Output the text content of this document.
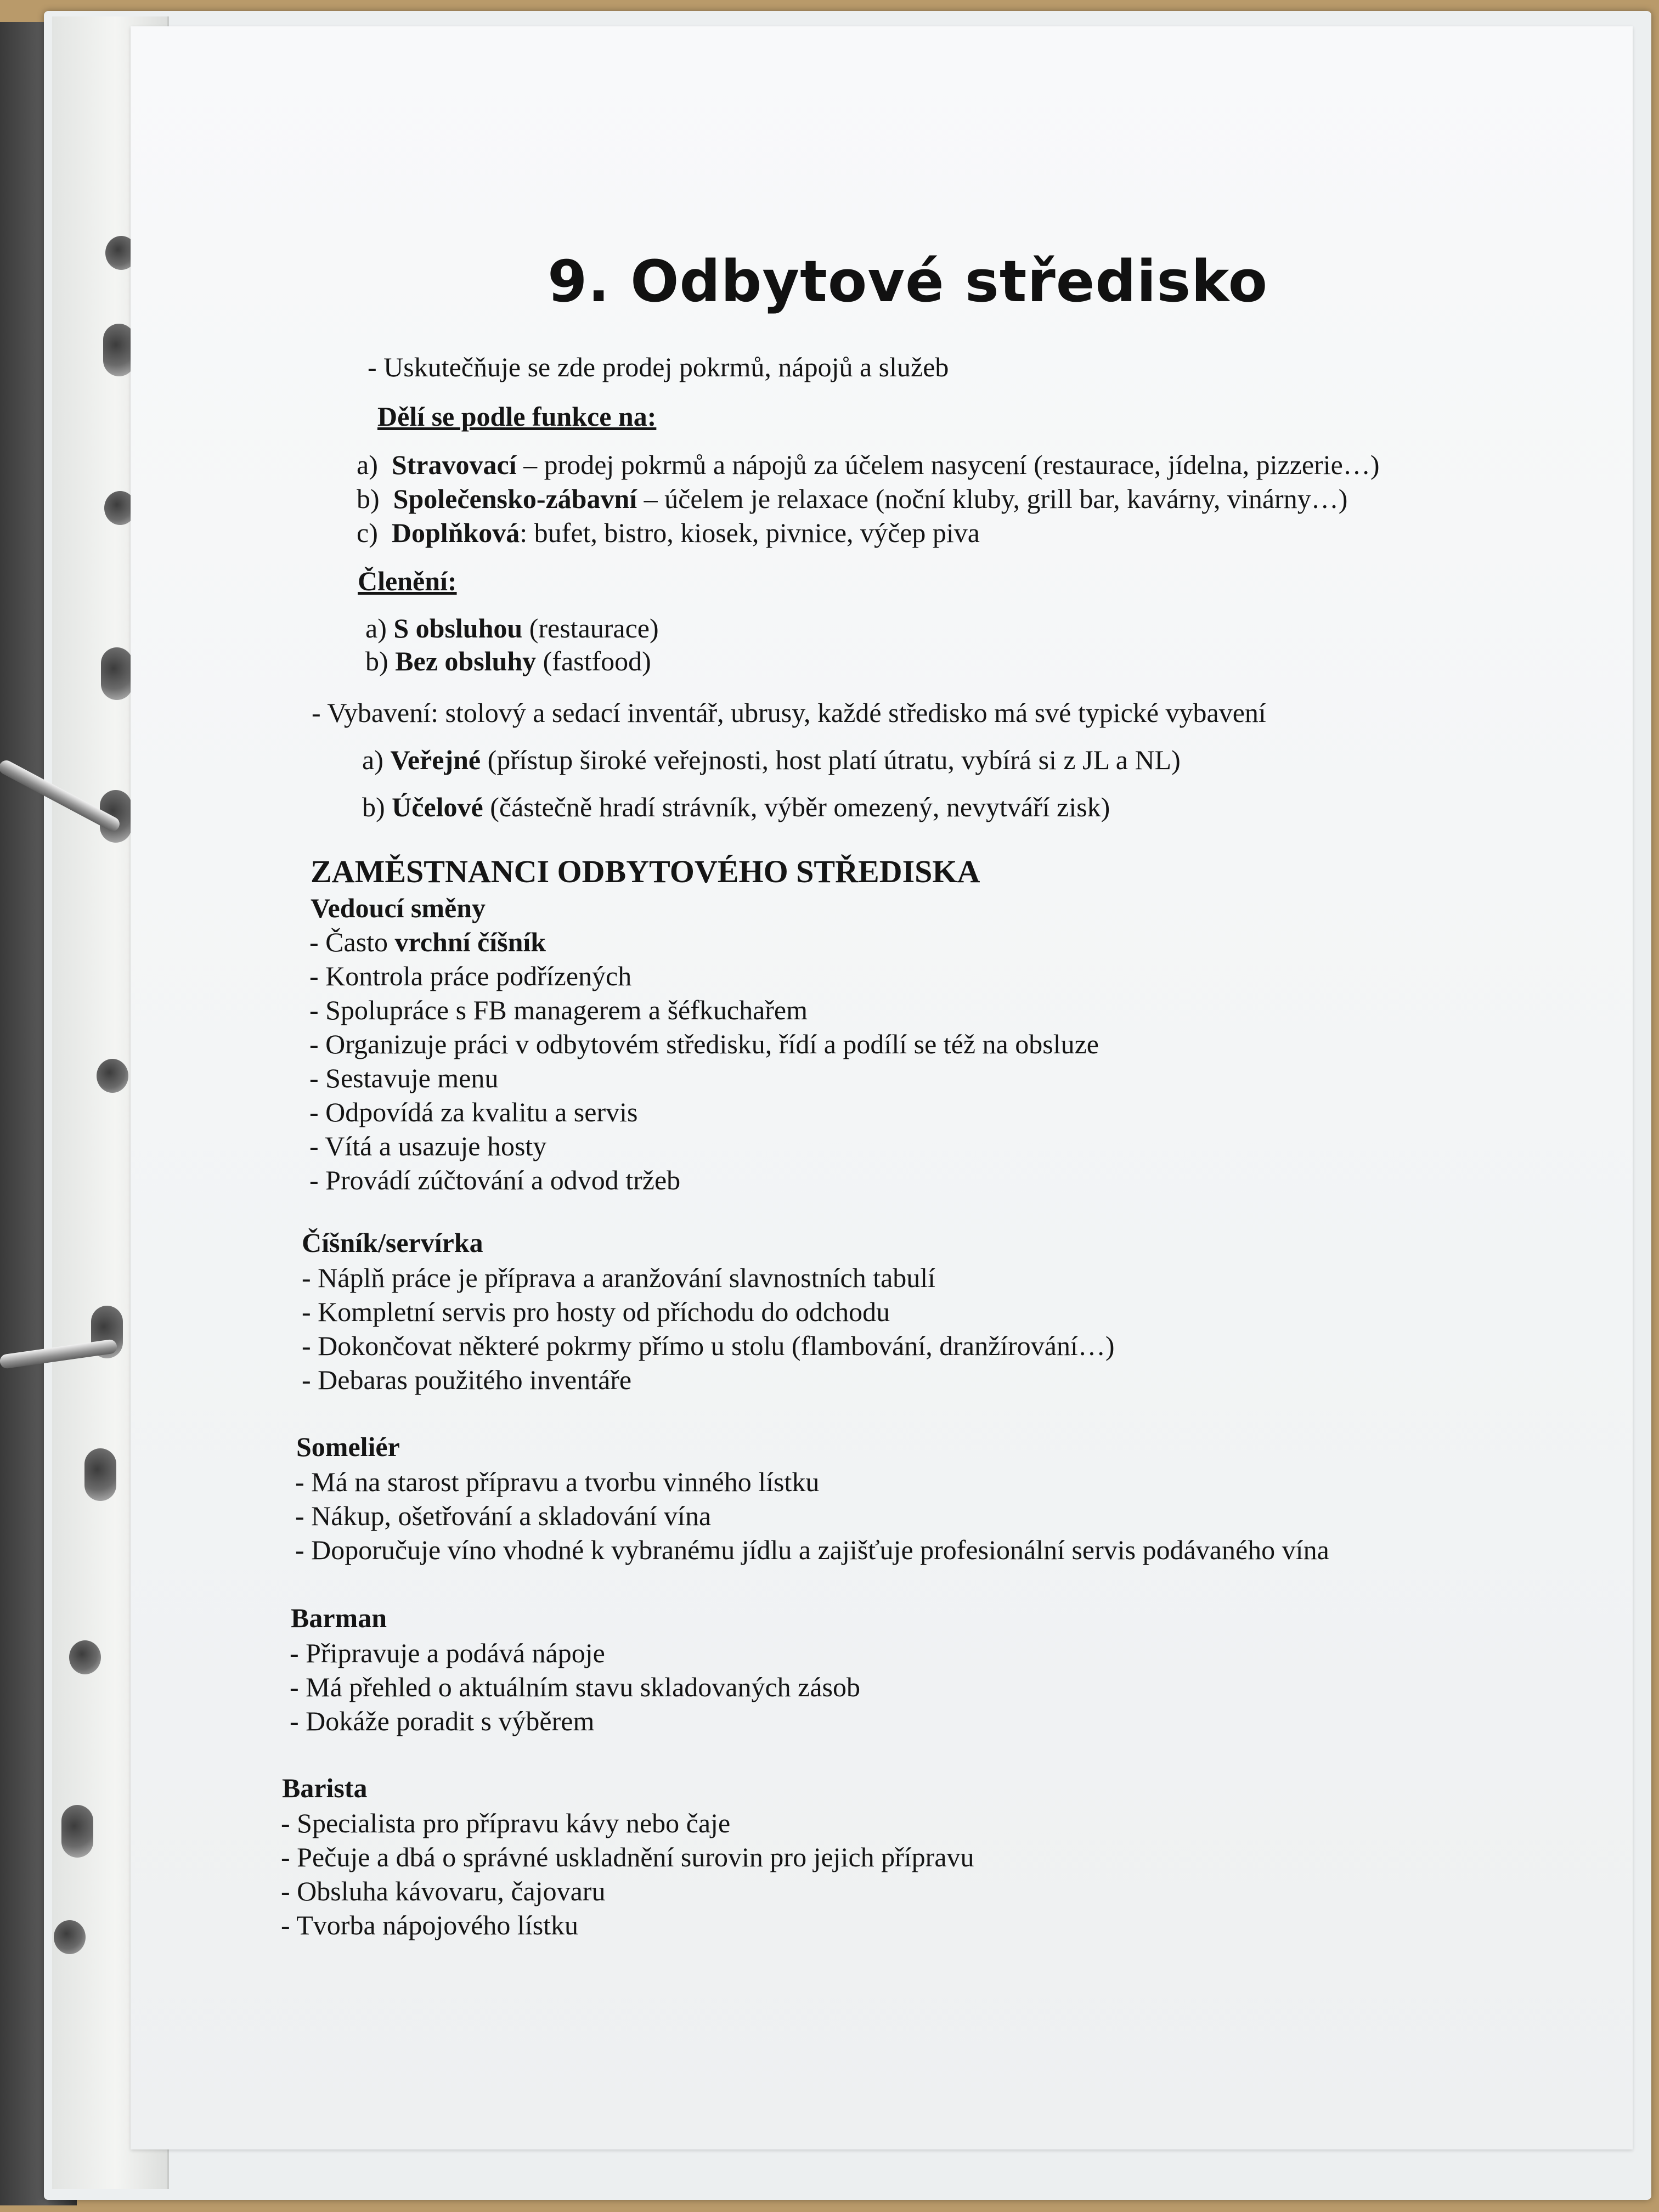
9. Odbytové středisko
- Uskutečňuje se zde prodej pokrmů, nápojů a služeb
Dělí se podle funkce na:
a) Stravovací – prodej pokrmů a nápojů za účelem nasycení (restaurace, jídelna, pizzerie…)
b) Společensko-zábavní – účelem je relaxace (noční kluby, grill bar, kavárny, vinárny…)
c) Doplňková: bufet, bistro, kiosek, pivnice, výčep piva
Členění:
a) S obsluhou (restaurace)
b) Bez obsluhy (fastfood)
- Vybavení: stolový a sedací inventář, ubrusy, každé středisko má své typické vybavení
a) Veřejné (přístup široké veřejnosti, host platí útratu, vybírá si z JL a NL)
b) Účelové (částečně hradí strávník, výběr omezený, nevytváří zisk)
ZAMĚSTNANCI ODBYTOVÉHO STŘEDISKA
Vedoucí směny
- Často vrchní číšník
- Kontrola práce podřízených
- Spolupráce s FB managerem a šéfkuchařem
- Organizuje práci v odbytovém středisku, řídí a podílí se též na obsluze
- Sestavuje menu
- Odpovídá za kvalitu a servis
- Vítá a usazuje hosty
- Provádí zúčtování a odvod tržeb
Číšník/servírka
- Náplň práce je příprava a aranžování slavnostních tabulí
- Kompletní servis pro hosty od příchodu do odchodu
- Dokončovat některé pokrmy přímo u stolu (flambování, dranžírování…)
- Debaras použitého inventáře
Someliér
- Má na starost přípravu a tvorbu vinného lístku
- Nákup, ošetřování a skladování vína
- Doporučuje víno vhodné k vybranému jídlu a zajišťuje profesionální servis podávaného vína
Barman
- Připravuje a podává nápoje
- Má přehled o aktuálním stavu skladovaných zásob
- Dokáže poradit s výběrem
Barista
- Specialista pro přípravu kávy nebo čaje
- Pečuje a dbá o správné uskladnění surovin pro jejich přípravu
- Obsluha kávovaru, čajovaru
- Tvorba nápojového lístku
